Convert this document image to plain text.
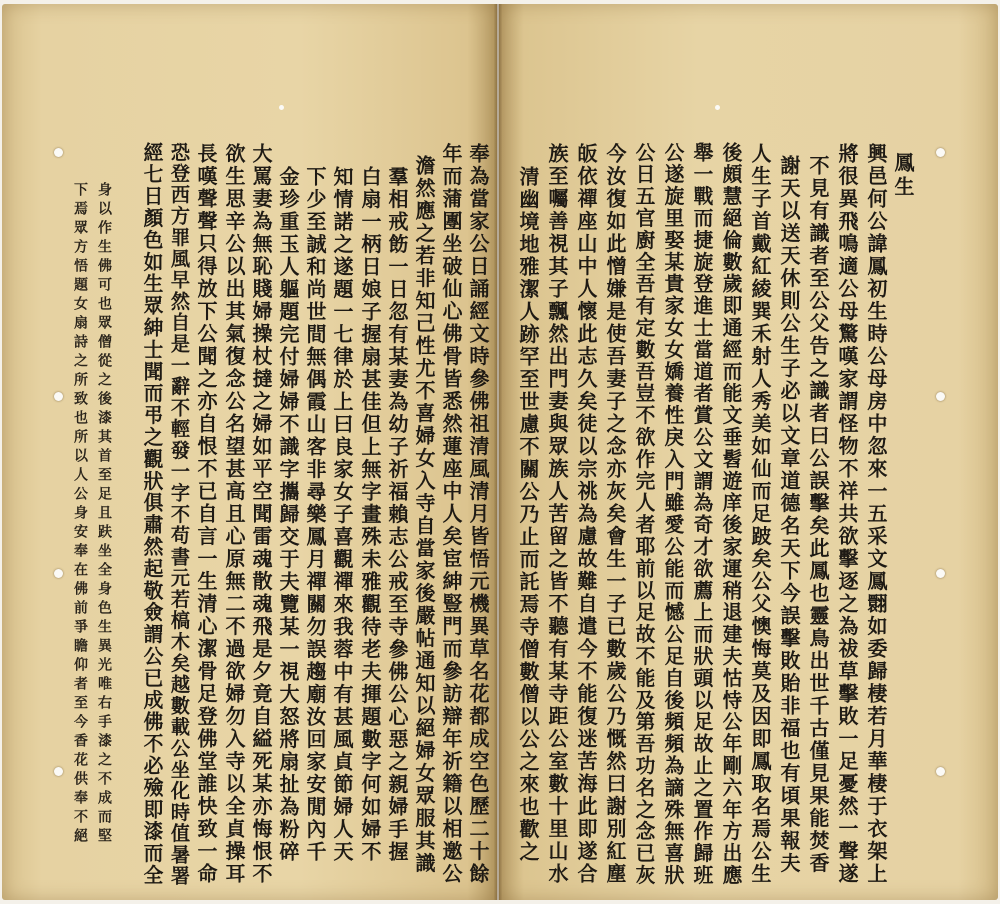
奉為當家公日誦經文時參佛祖清風清月皆悟元機異草名花都成空色歷二十餘
年而蒲團坐破仙心佛骨皆悉然蓮座中人矣宦紳豎門而參訪辯年祈籍以相邀公
澹然應之若非知己性尤不喜婦女入寺自當家後嚴帖通知以絕婦女眾服其識
羣相戒飭一日忽有某妻為幼子祈福賴志公戒至寺參佛公心惡之親婦手握
白扇一柄日娘子握扇甚佳但上無字畫殊未雅觀待老夫揮題數字何如婦不
知情諾之遂題一七律於上曰良家女子喜觀禪來我蓉中有甚風貞節婦人天
下少至誠和尚世間無偶霞山客非尋樂鳳月禪關勿誤趨廟汝回家安閒內千
金珍重玉人軀題完付婦婦不識字攜歸交于夫覽某一視大怒將扇扯為粉碎
大罵妻為無恥賤婦操杖撻之婦如平空聞雷魂散魂飛是夕竟自縊死某亦悔恨不
欲生思辛公以出其氣復念公名望甚高且心原無二不過欲婦勿入寺以全貞操耳
長嘆聲聲只得放下公聞之亦自恨不已自言一生清心潔骨足登佛堂誰快致一命
恐登西方罪風早然自是一辭不輕發一字不苟書元若槁木矣越數載公坐化時值暑署
經七日顏色如生眾紳士聞而弔之觀狀俱肅然起敬僉謂公已成佛不必殮即漆而全
身以作生佛可也眾僧從之後漆其首至足且趺坐全身色生異光唯右手漆之不成而堅
下焉眾方悟題女扇詩之所致也所以人公身安奉在佛前爭瞻仰者至今香花供奉不絕
鳳生
興邑何公諱鳳初生時公母房中忽來一五采文鳳翾如委歸棲若月華棲于衣架上
將很異飛鳴適公母驚嘆家謂怪物不祥共欲擊逐之為祓草擊敗一足憂然一聲遂
不見有識者至公父告之識者曰公誤擊矣此鳳也靈鳥出世千古僅見果能焚香
謝天以送天休則公生子必以文章道德名天下今誤擊敗貽非福也有頃果報夫
人生子首戴紅綾巽禾射人秀美如仙而足跛矣公父懊悔莫及因即鳳取名焉公生
後頗慧絕倫數歲即通經而能文垂髫遊庠後家運稍退建夫怙恃公年剛六年方出應
舉一戰而捷旋登進士當道者賞公文謂為奇才欲薦上而狀頭以足故止之置作歸班
公遂旋里娶某貴家女女嬌養性戾入門雖愛公能而憾公足自後頻頻為謫殊無喜狀
公日五官廚全吾有定數吾豈不欲作完人者耶前以足故不能及第吾功名之念已灰
今汝復如此憎嫌是使吾妻子之念亦灰矣會生一子已數歲公乃慨然曰謝別紅塵
皈依禪座山中人懷此志久矣徒以宗祧為慮故難自遣今不能復迷苦海此即遂合
族至囑善視其子飄然出門妻與眾族人苦留之皆不聽有某寺距公室數十里山水
清幽境地雅潔人跡罕至世慮不關公乃止而託焉寺僧數僧以公之來也歡之
